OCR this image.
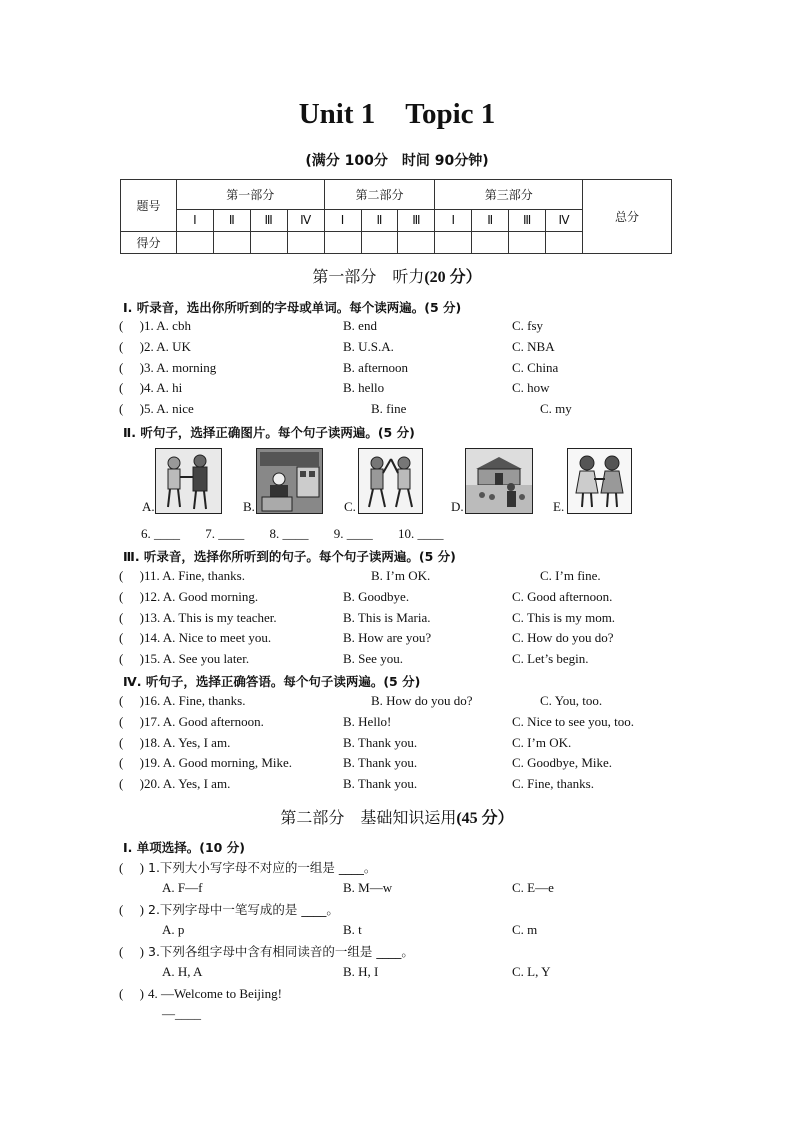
Unit 1 Topic 1
(满分 100分　时间 90分钟)
题号	第一部分				第二部分			第三部分				总分
	Ⅰ	Ⅱ	Ⅲ	Ⅳ	Ⅰ	Ⅱ	Ⅲ	Ⅰ	Ⅱ	Ⅲ	Ⅳ	
得分												
第一部分　听力(20 分）
Ⅰ. 听录音，选出你所听到的字母或单词。每个读两遍。(5 分)
(　 ) 1. A. cbh	B. end	C. fsy
(　 ) 2. A. UK	B. U.S.A.	C. NBA
(　 ) 3. A. morning	B. afternoon	C. China
(　 ) 4. A. hi	B. hello	C. how
(　 ) 5. A. nice	B. fine	C. my
Ⅱ. 听句子，选择正确图片。每个句子读两遍。(5 分)
A.	B.	C.	D.	E.
6. ____ 7. ____ 8. ____ 9. ____ 10. ____
Ⅲ. 听录音，选择你所听到的句子。每个句子读两遍。(5 分)
(　 ) 11. A. Fine, thanks.	B. I’m OK.	C. I’m fine.
(　 ) 12. A. Good morning.	B. Goodbye.	C. Good afternoon.
(　 ) 13. A. This is my teacher.	B. This is Maria.	C. This is my mom.
(　 ) 14. A. Nice to meet you.	B. How are you?	C. How do you do?
(　 ) 15. A. See you later.	B. See you.	C. Let’s begin.
Ⅳ. 听句子，选择正确答语。每个句子读两遍。(5 分)
(　 ) 16. A. Fine, thanks.	B. How do you do?	C. You, too.
(　 ) 17. A. Good afternoon.	B. Hello!	C. Nice to see you, too.
(　 ) 18. A. Yes, I am.	B. Thank you.	C. I’m OK.
(　 ) 19. A. Good morning, Mike.	B. Thank you.	C. Goodbye, Mike.
(　 ) 20. A. Yes, I am.	B. Thank you.	C. Fine, thanks.
第二部分　基础知识运用(45 分）
Ⅰ. 单项选择。(10 分)
(　 ) 1.下列大小写字母不对应的一组是 ____。
A. F—f	B. M—w	C. E—e
(　 ) 2.下列字母中一笔写成的是 ____。
A. p	B. t	C. m
(　 ) 3.下列各组字母中含有相同读音的一组是 ____。
A. H, A	B. H, I	C. L, Y
(　 ) 4. —Welcome to Beijing!
—____
